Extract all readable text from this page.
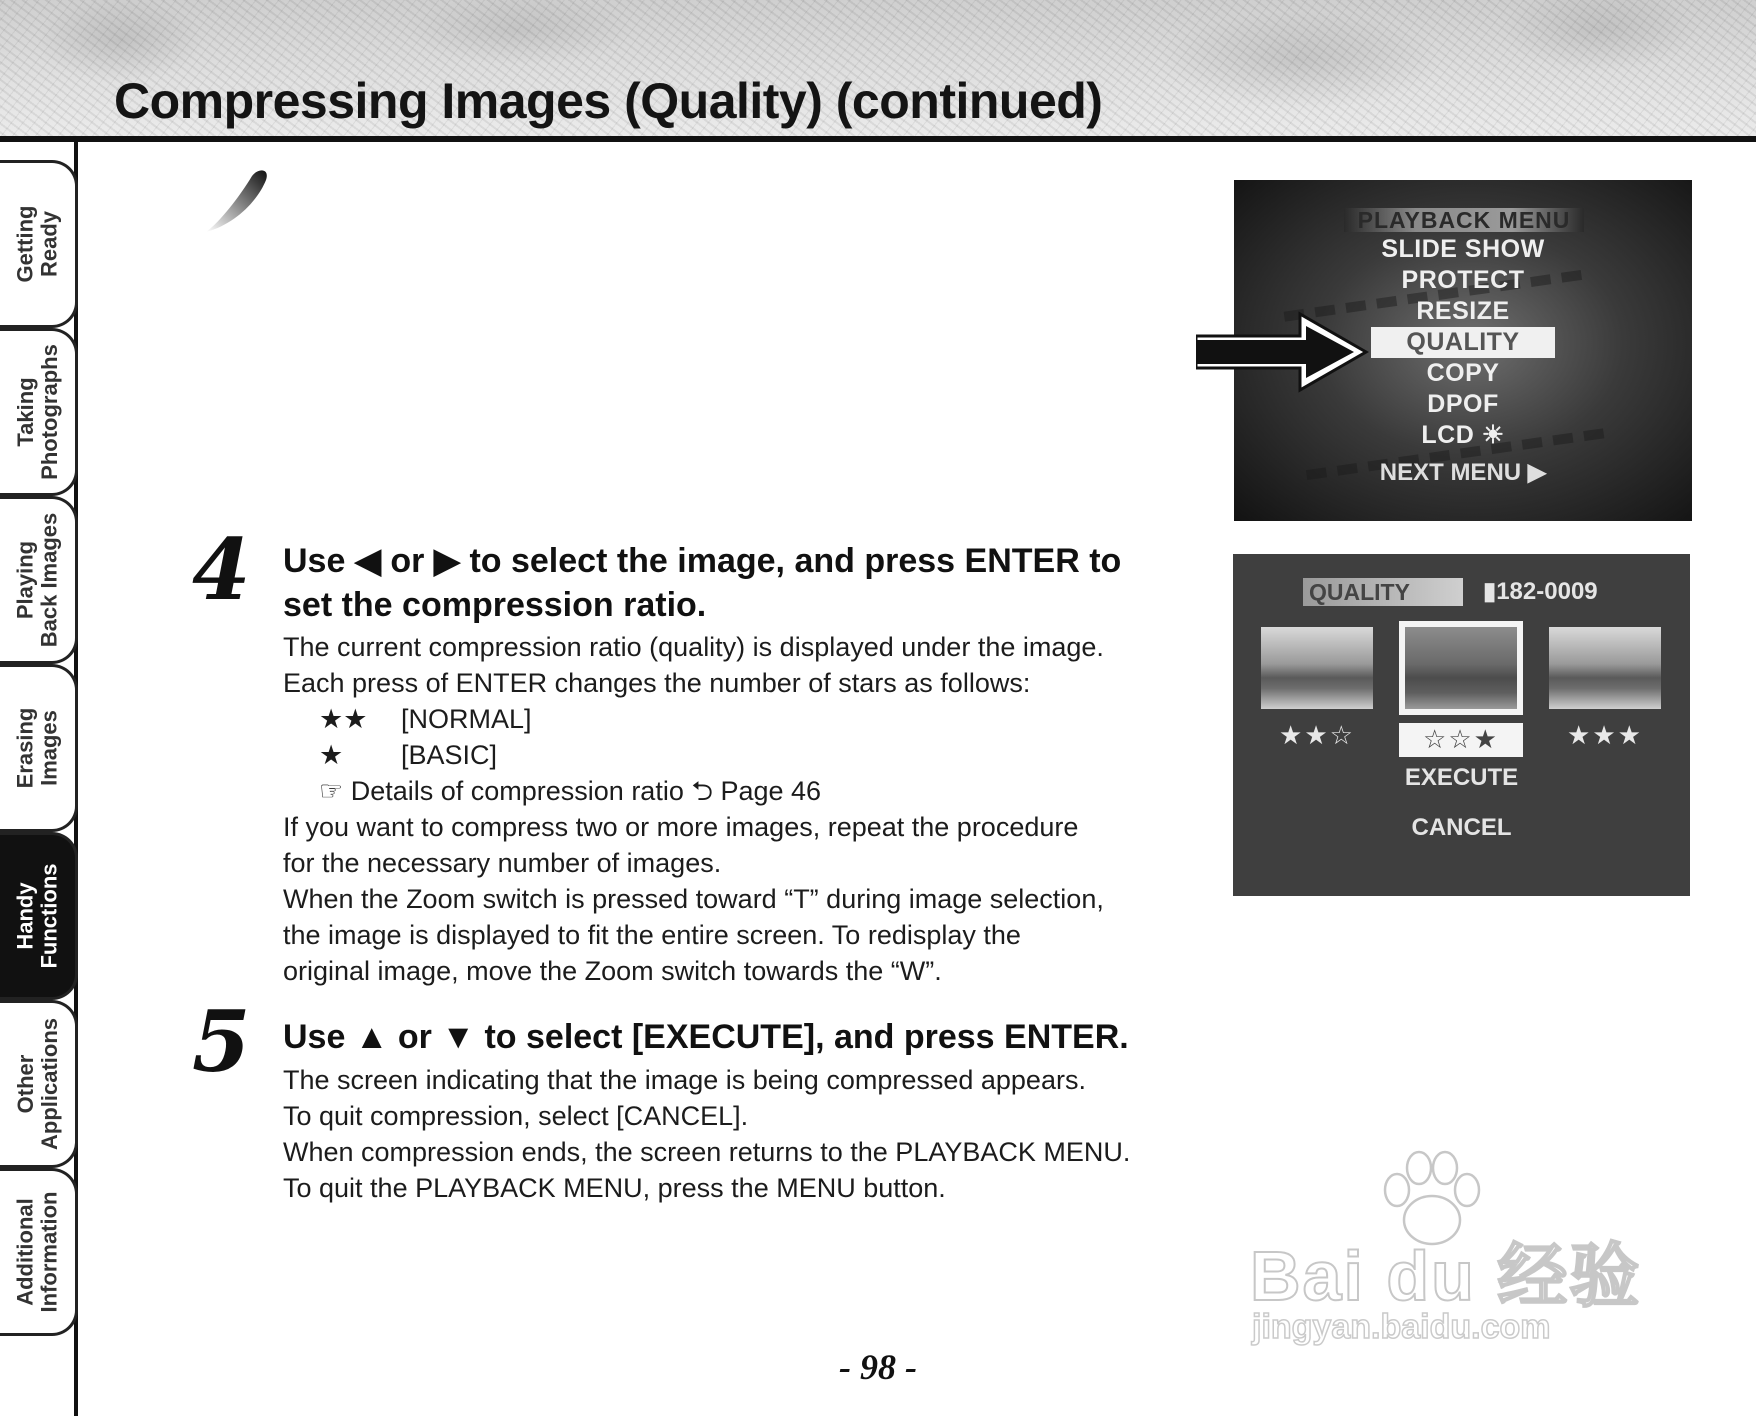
Compressing Images (Quality) (continued)
Getting
Ready
Taking
Photographs
Playing
Back Images
Erasing
Images
Handy
Functions
Other
Applications
Additional
Information
PLAYBACK MENU
SLIDE SHOW
PROTECT
RESIZE
QUALITY
COPY
DPOF
LCD ☀
NEXT MENU ▶
QUALITY	▮182-0009
★★☆	☆☆★	★★★
EXECUTE
CANCEL
4 Use ◀ or ▶ to select the image, and press ENTER to
set the compression ratio.

The current compression ratio (quality) is displayed under the image.

Each press of ENTER changes the number of stars as follows:

★★ [NORMAL]

★ [BASIC]

☞ Details of compression ratio ⮌ Page 46

If you want to compress two or more images, repeat the procedure

for the necessary number of images.

When the Zoom switch is pressed toward “T” during image selection,

the image is displayed to fit the entire screen. To redisplay the

original image, move the Zoom switch towards the “W”.

5 Use ▲ or ▼ to select [EXECUTE], and press ENTER.

The screen indicating that the image is being compressed appears.

To quit compression, select [CANCEL].

When compression ends, the screen returns to the PLAYBACK MENU.

To quit the PLAYBACK MENU, press the MENU button.

Bai du 经验
jingyan.baidu.com
- 98 -
